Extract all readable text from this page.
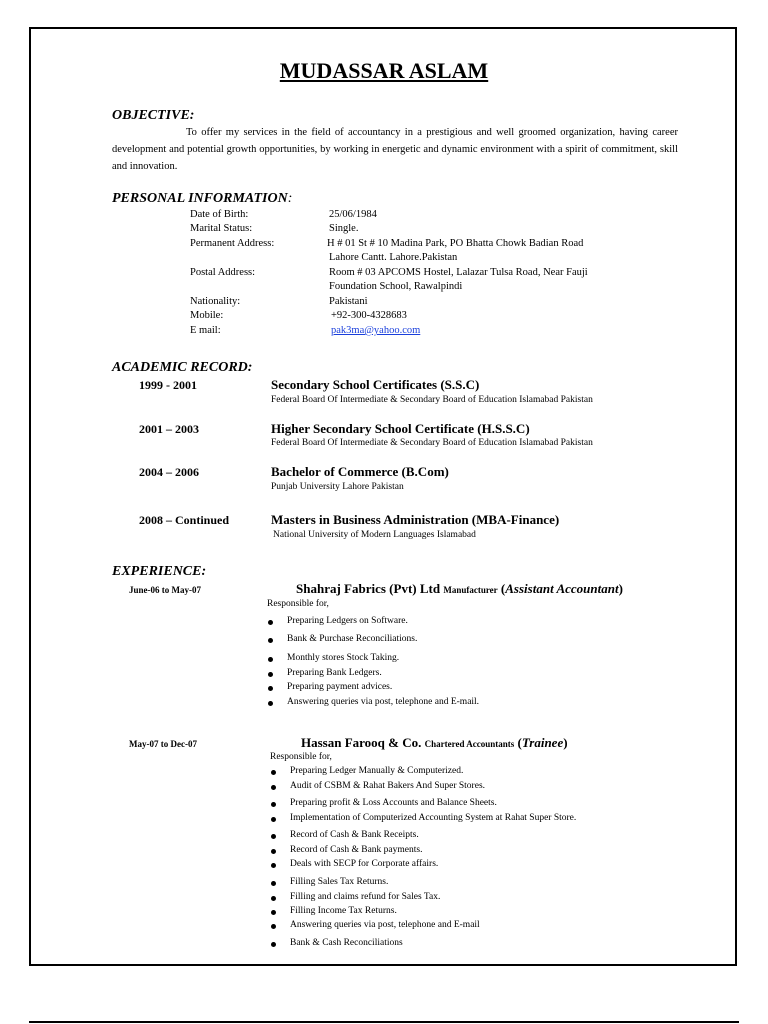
MUDASSAR ASLAM
OBJECTIVE:
To offer my services in the field of accountancy in a prestigious and well groomed organization, having career development and potential growth opportunities, by working in energetic and dynamic environment with a spirit of commitment, skill and innovation.
PERSONAL INFORMATION:
Date of Birth:	25/06/1984
Marital Status:	Single.
Permanent Address:	H # 01 St # 10 Madina Park, PO Bhatta Chowk Badian Road
Lahore Cantt. Lahore.Pakistan
Postal Address:	Room # 03 APCOMS Hostel, Lalazar Tulsa Road, Near Fauji
Foundation School, Rawalpindi
Nationality:	Pakistani
Mobile:	+92-300-4328683
E mail:	pak3ma@yahoo.com
ACADEMIC RECORD:
1999 - 2001	Secondary School Certificates (S.S.C)
Federal Board Of Intermediate & Secondary Board of Education Islamabad Pakistan
2001 – 2003	Higher Secondary School Certificate (H.S.S.C)
Federal Board Of Intermediate & Secondary Board of Education Islamabad Pakistan
2004 – 2006	Bachelor of Commerce (B.Com)
Punjab University Lahore Pakistan
2008 – Continued	Masters in Business Administration (MBA-Finance)
National University of Modern Languages Islamabad
EXPERIENCE:
June-06 to May-07	Shahraj Fabrics (Pvt) Ltd Manufacturer (Assistant Accountant)
Responsible for,
Preparing Ledgers on Software.
Bank & Purchase Reconciliations.
Monthly stores Stock Taking.
Preparing Bank Ledgers.
Preparing payment advices.
Answering queries via post, telephone and E-mail.
May-07 to Dec-07	Hassan Farooq & Co. Chartered Accountants (Trainee)
Responsible for,
Preparing Ledger Manually & Computerized.
Audit of CSBM & Rahat Bakers And Super Stores.
Preparing profit & Loss Accounts and Balance Sheets.
Implementation of Computerized Accounting System at Rahat Super Store.
Record of Cash & Bank Receipts.
Record of Cash & Bank payments.
Deals with SECP for Corporate affairs.
Filling Sales Tax Returns.
Filling and claims refund for Sales Tax.
Filling Income Tax Returns.
Answering queries via post, telephone and E-mail
Bank & Cash Reconciliations
